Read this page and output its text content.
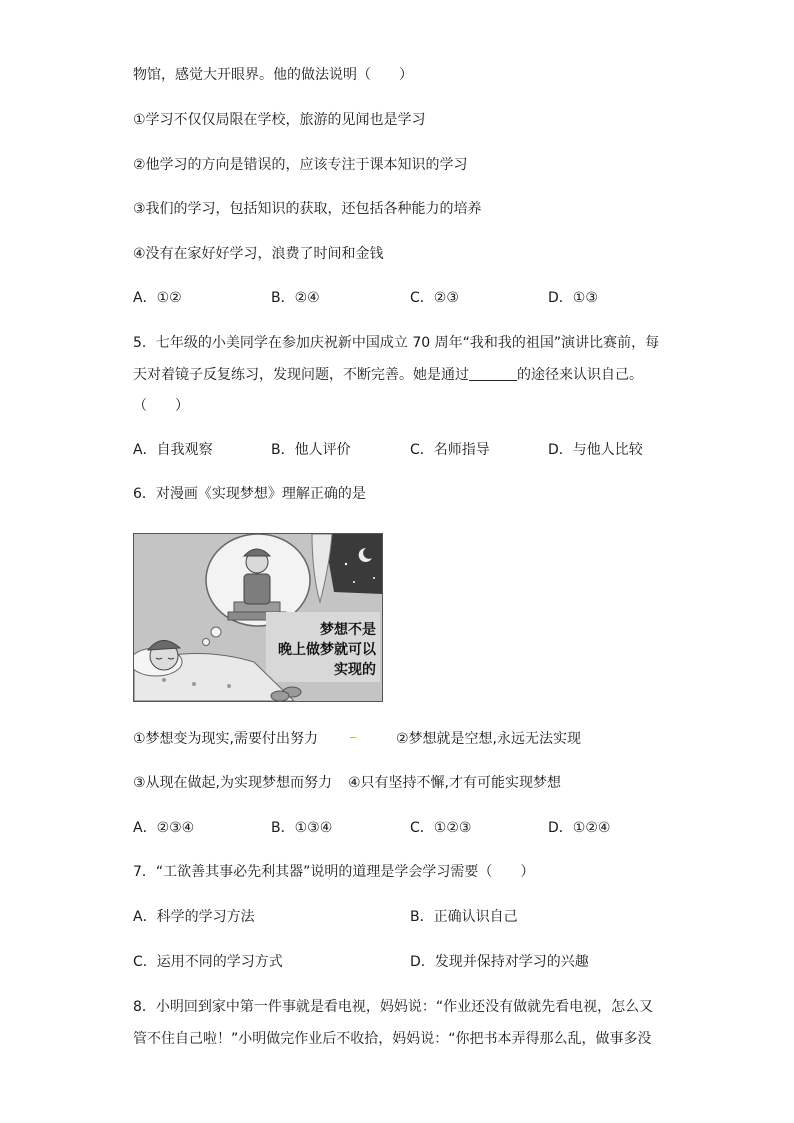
物馆，感觉大开眼界。他的做法说明（　　）
①学习不仅仅局限在学校，旅游的见闻也是学习
②他学习的方向是错误的，应该专注于课本知识的学习
③我们的学习，包括知识的获取，还包括各种能力的培养
④没有在家好好学习，浪费了时间和金钱
A．①②	B．②④	C．②③	D．①③
5．七年级的小美同学在参加庆祝新中国成立 70 周年“我和我的祖国”演讲比赛前，每
天对着镜子反复练习，发现问题，不断完善。她是通过	的途径来认识自己。
（　　）
A．自我观察	B．他人评价	C．名师指导	D．与他人比较
6．对漫画《实现梦想》理解正确的是
梦想不是
晚上做梦就可以
实现的
①梦想变为现实,需要付出努力	②梦想就是空想,永远无法实现
③从现在做起,为实现梦想而努力 ④只有坚持不懈,才有可能实现梦想
A．②③④	B．①③④	C．①②③	D．①②④
7．“工欲善其事必先利其器”说明的道理是学会学习需要（　　）
A．科学的学习方法	B．正确认识自己
C．运用不同的学习方式	D．发现并保持对学习的兴趣
8．小明回到家中第一件事就是看电视，妈妈说：“作业还没有做就先看电视，怎么又
管不住自己啦！”小明做完作业后不收拾，妈妈说：“你把书本弄得那么乱，做事多没
